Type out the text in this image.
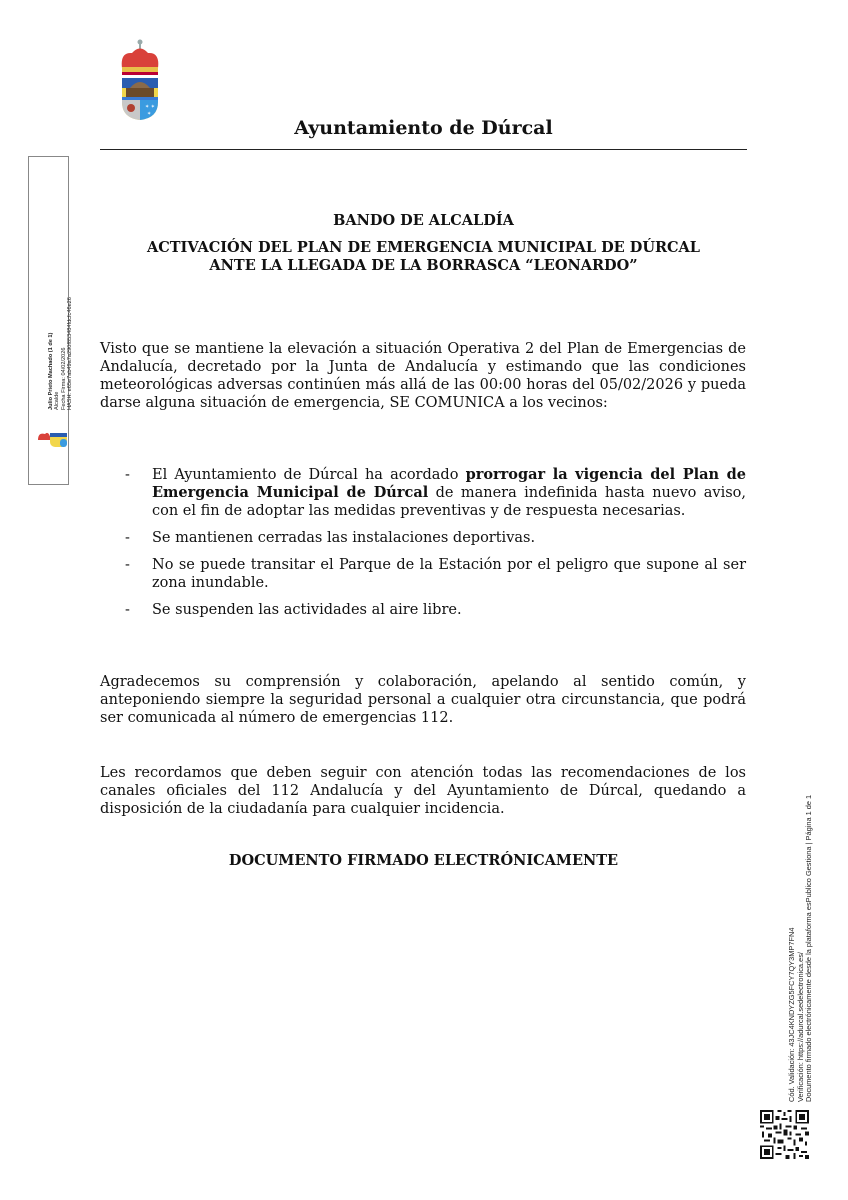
✶ ✶
✶
Ayuntamiento de Dúrcal
Julio Prieto Machado (1 de 1) Alcalde Fecha Firma: 04/02/2026 HASH: e65e7ab49a7a290f853484fdcfc46e26
BANDO DE ALCALDÍA
ACTIVACIÓN DEL PLAN DE EMERGENCIA MUNICIPAL DE DÚRCAL
ANTE LA LLEGADA DE LA BORRASCA “LEONARDO”
Visto que se mantiene la elevación a situación Operativa 2 del Plan de Emergencias de Andalucía, decretado por la Junta de Andalucía y estimando que las condiciones meteorológicas adversas continúen más allá de las 00:00 horas del 05/02/2026 y pueda darse alguna situación de emergencia, SE COMUNICA a los vecinos:
- El Ayuntamiento de Dúrcal ha acordado prorrogar la vigencia del Plan de Emergencia Municipal de Dúrcal de manera indefinida hasta nuevo aviso, con el fin de adoptar las medidas preventivas y de respuesta necesarias.
- Se mantienen cerradas las instalaciones deportivas.
- No se puede transitar el Parque de la Estación por el peligro que supone al ser zona inundable.
- Se suspenden las actividades al aire libre.
Agradecemos su comprensión y colaboración, apelando al sentido común, y anteponiendo siempre la seguridad personal a cualquier otra circunstancia, que podrá ser comunicada al número de emergencias 112.
Les recordamos que deben seguir con atención todas las recomendaciones de los canales oficiales del 112 Andalucía y del Ayuntamiento de Dúrcal, quedando a disposición de la ciudadanía para cualquier incidencia.
DOCUMENTO FIRMADO ELECTRÓNICAMENTE
Cód. Validación: 43JC4KNDYZG5FCY7QY3MP7FN4 Verificación: https://adurcal.sedelectronica.es/ Documento firmado electrónicamente desde la plataforma esPublico Gestiona | Página 1 de 1
